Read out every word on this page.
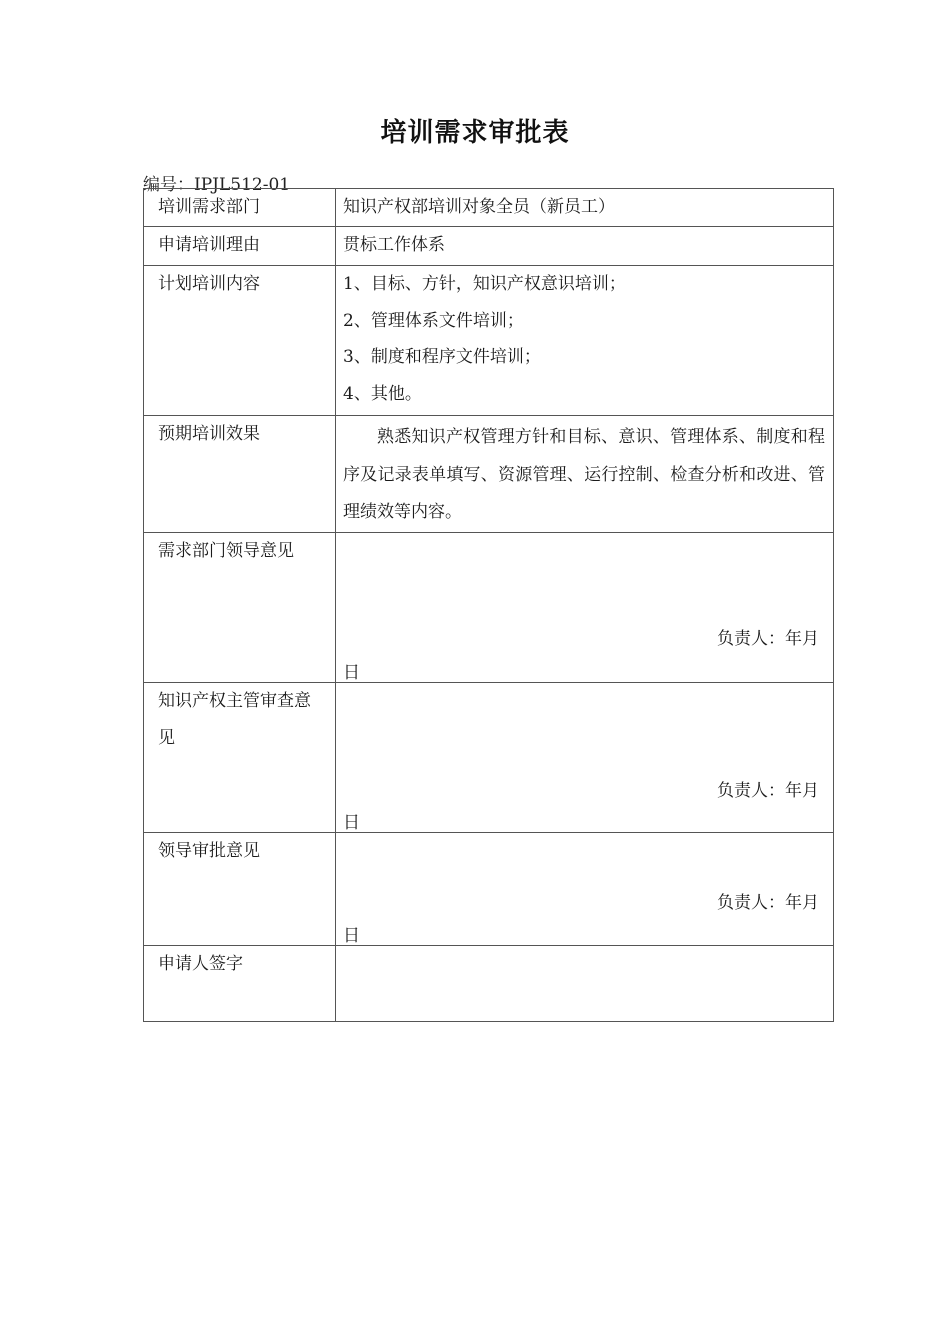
培训需求审批表
编号：IPJL512-01
培训需求部门	知识产权部培训对象全员（新员工）

申请培训理由	贯标工作体系

计划培训内容	1、目标、方针，知识产权意识培训；
2、管理体系文件培训；
3、制度和程序文件培训；
4、其他。

预期培训效果	熟悉知识产权管理方针和目标、意识、管理体系、制度和程序及记录表单填写、资源管理、运行控制、检查分析和改进、管理绩效等内容。

需求部门领导意见	负责人：年月
日

知识产权主管审查意见	负责人：年月
日

领导审批意见	负责人：年月
日

申请人签字	
